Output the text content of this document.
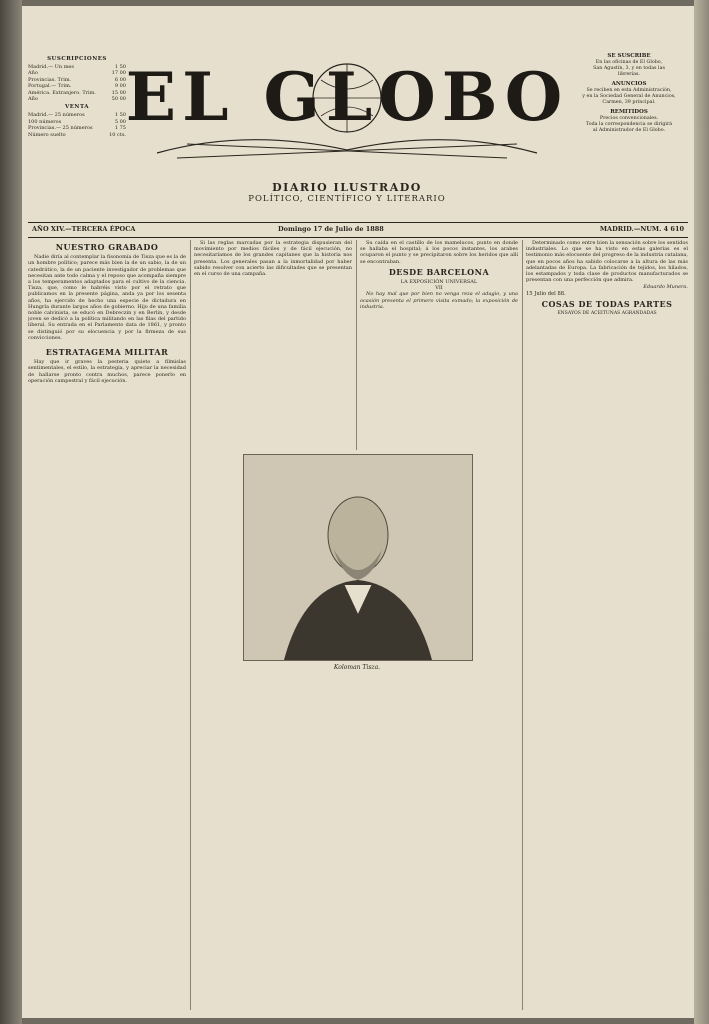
SUSCRIPCIONES
Madrid.— Un mes	1 50
Año	17 00
Provincias. Trim.	6 00
Portugal.— Trim.	9 00
América. Extranjero. Trim.	15 00
Año	50 00
VENTA
Madrid.— 25 números	1 50
100 números	5 00
Provincias.— 25 números	1 75
Número suelto	10 cts. EL GLOBO
DIARIO ILUSTRADO
POLÍTICO, CIENTÍFICO Y LITERARIO
SE SUSCRIBE
En las oficinas de El Globo,
San Agustín, 3, y en todas las
librerías.
ANUNCIOS
Se reciben en esta Administración,
y en la Sociedad General de Anuncios,
Carmen, 39 principal.
REMITIDOS
Precios convencionales.
Toda la correspondencia se dirigirá
al Administrador de El Globo.
AÑO XIV.—TERCERA ÉPOCA	Domingo 17 de Julio de 1888	MADRID.—NUM. 4 610
NUESTRO GRABADO

Nadie diría al contemplar la fisonomía de Tisza que es la de un hombre político; parece más bien la de un sabio, la de un catedrático, la de un paciente investigador de problemas que necesitan ante todo calma y el reposo que acompaña siempre a los temperamentos adaptados para el cultivo de la ciencia. Tisza, que, como le habréis visto por el retrato que publicamos en la presente página, anda ya por los sesenta años, ha ejercido de hecho una especie de dictadura en Hungría durante largos años de gobierno. Hijo de una familia noble calvinista, se educó en Debreczin y en Berlín, y desde joven se dedicó a la política militando en las filas del partido liberal. Su entrada en el Parlamento data de 1861, y pronto se distinguió por su elocuencia y por la firmeza de sus convicciones.

ESTRATAGEMA MILITAR

Hay que ir graves la pesteria quieto a filmislas sentimentales, el estilo, la estrategia, y apreciar la necesidad de hallarse pronto contra muchos, parece ponerlo en operación campestral y fácil ejecución.

Si las reglas marcadas por la estrategia dispusieran del movimiento por medios fáciles y de fácil ejecución, no necesitaríamos de los grandes capitanes que la historia nos presenta. Los generales pasan a la inmortalidad por haber sabido resolver con acierto las dificultades que se presentan en el curso de una campaña.

Su caída en el castillo de los mamelucos, punto en donde se hallaba el hospital; á los pocos instantes, los arabes ocuparon el punto y se precipitaron sobre los heridos que allí se encontraban.

DESDE BARCELONA
LA EXPOSICIÓN UNIVERSAL
VII

No hay mal que por bien no venga reza el adagio, y una ocasión presenta el primero visita exmado; la exposición de industria.

Determinado como entre bien la sensación sobre los sentidos industriales. Lo que se ha visto en estas galerías es el testimonio más elocuente del progreso de la industria catalana, que en pocos años ha sabido colocarse a la altura de las más adelantadas de Europa. La fabricación de tejidos, los hilados, los estampados y toda clase de productos manufacturados se presentan con una perfección que admira.

Eduardo Munera.
15 Julio del 88.
COSAS DE TODAS PARTES
ENSAYOS DE ACEITUNAS AGRANDADAS
Koloman Tisza.
